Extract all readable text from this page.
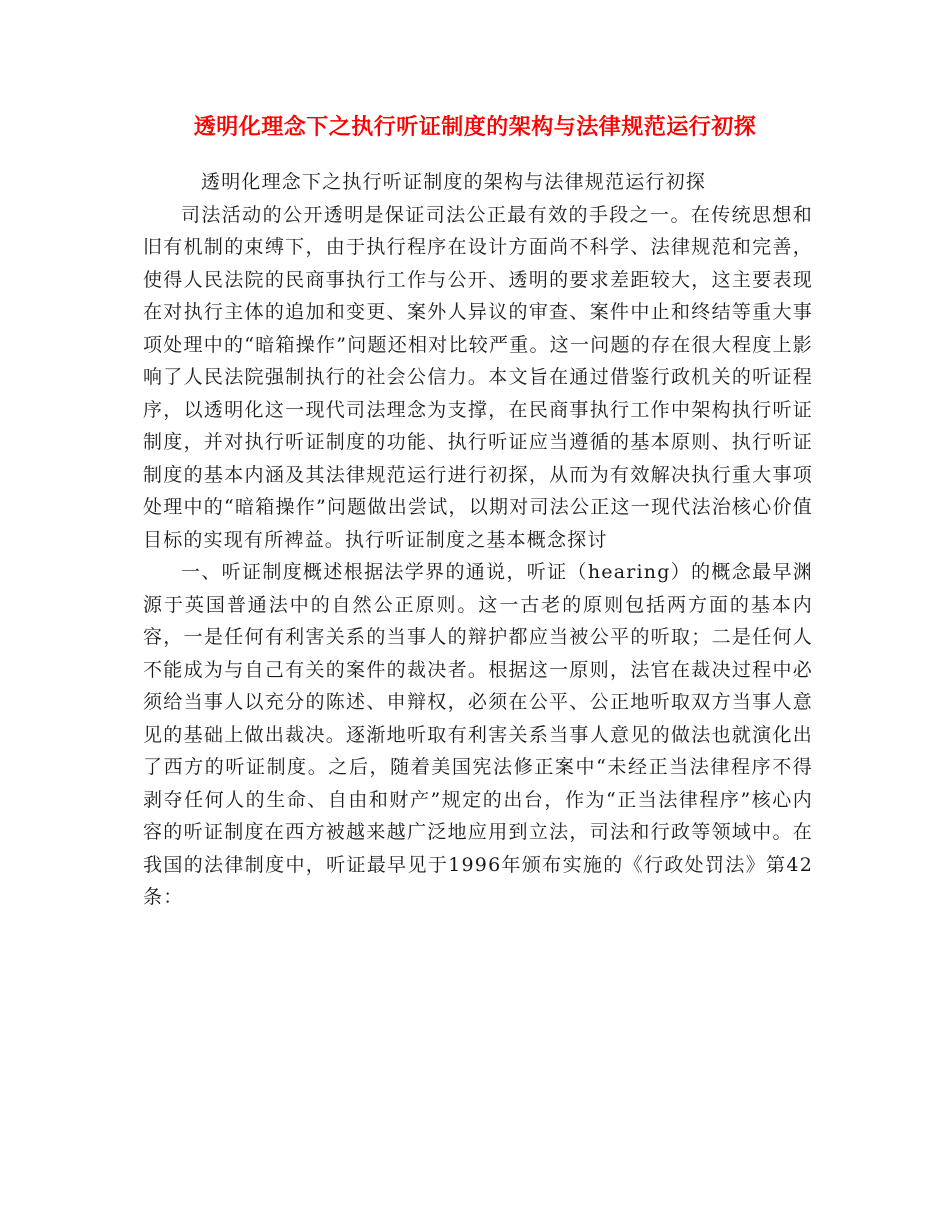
透明化理念下之执行听证制度的架构与法律规范运行初探

透明化理念下之执行听证制度的架构与法律规范运行初探

司法活动的公开透明是保证司法公正最有效的手段之一。在传统思想和旧有机制的束缚下，由于执行程序在设计方面尚不科学、法律规范和完善，使得人民法院的民商事执行工作与公开、透明的要求差距较大，这主要表现在对执行主体的追加和变更、案外人异议的审查、案件中止和终结等重大事项处理中的“暗箱操作”问题还相对比较严重。这一问题的存在很大程度上影响了人民法院强制执行的社会公信力。本文旨在通过借鉴行政机关的听证程序，以透明化这一现代司法理念为支撑，在民商事执行工作中架构执行听证制度，并对执行听证制度的功能、执行听证应当遵循的基本原则、执行听证制度的基本内涵及其法律规范运行进行初探，从而为有效解决执行重大事项处理中的“暗箱操作”问题做出尝试，以期对司法公正这一现代法治核心价值目标的实现有所裨益。执行听证制度之基本概念探讨

一、听证制度概述根据法学界的通说，听证（hearing）的概念最早渊源于英国普通法中的自然公正原则。这一古老的原则包括两方面的基本内容，一是任何有利害关系的当事人的辩护都应当被公平的听取；二是任何人不能成为与自己有关的案件的裁决者。根据这一原则，法官在裁决过程中必须给当事人以充分的陈述、申辩权，必须在公平、公正地听取双方当事人意见的基础上做出裁决。逐渐地听取有利害关系当事人意见的做法也就演化出了西方的听证制度。之后，随着美国宪法修正案中“未经正当法律程序不得剥夺任何人的生命、自由和财产”规定的出台，作为“正当法律程序”核心内容的听证制度在西方被越来越广泛地应用到立法，司法和行政等领域中。在我国的法律制度中，听证最早见于1996年颁布实施的《行政处罚法》第42条：
